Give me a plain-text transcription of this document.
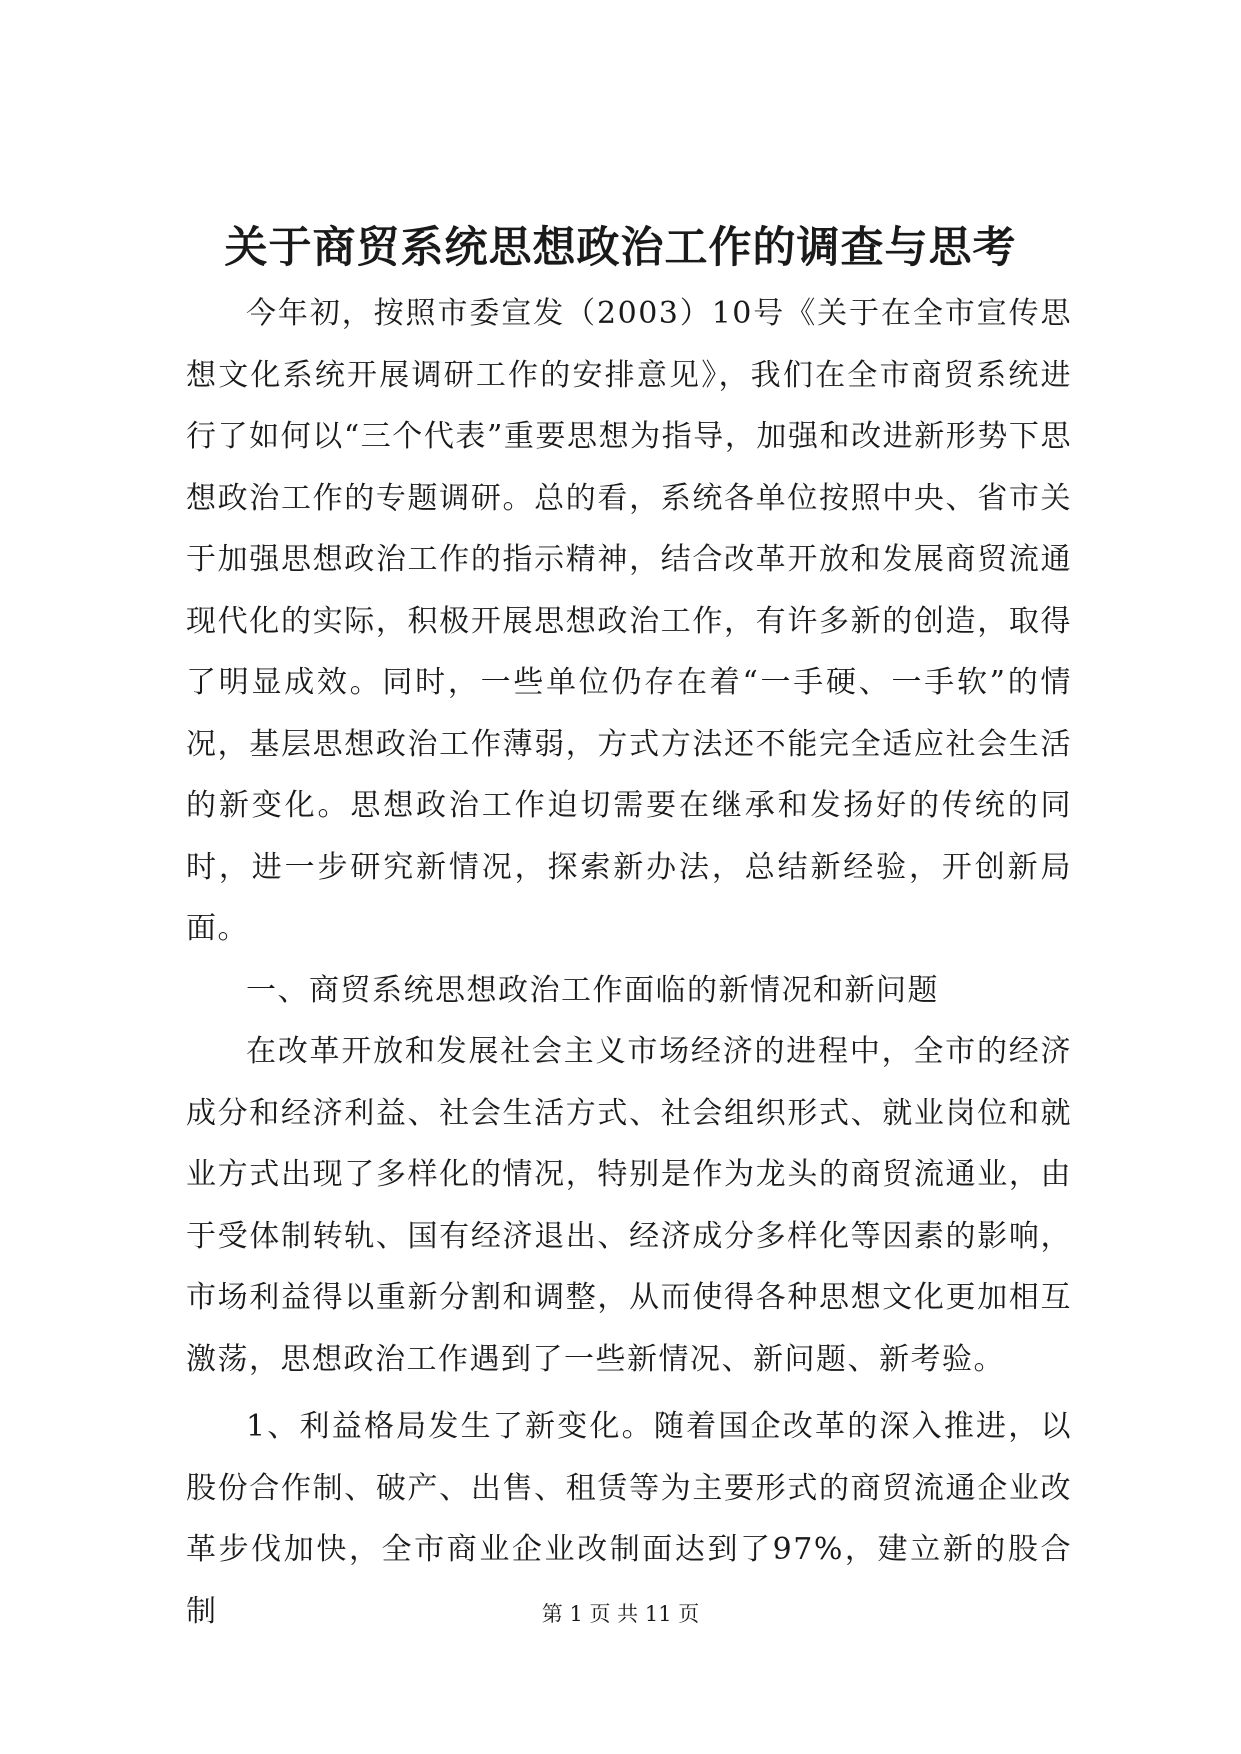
关于商贸系统思想政治工作的调查与思考

今年初，按照市委宣发（2003）10号《关于在全市宣传思想文化系统开展调研工作的安排意见》，我们在全市商贸系统进行了如何以“三个代表”重要思想为指导，加强和改进新形势下思想政治工作的专题调研。总的看，系统各单位按照中央、省市关于加强思想政治工作的指示精神，结合改革开放和发展商贸流通现代化的实际，积极开展思想政治工作，有许多新的创造，取得了明显成效。同时，一些单位仍存在着“一手硬、一手软”的情况，基层思想政治工作薄弱，方式方法还不能完全适应社会生活的新变化。思想政治工作迫切需要在继承和发扬好的传统的同时，进一步研究新情况，探索新办法，总结新经验，开创新局面。

一、商贸系统思想政治工作面临的新情况和新问题

在改革开放和发展社会主义市场经济的进程中，全市的经济成分和经济利益、社会生活方式、社会组织形式、就业岗位和就业方式出现了多样化的情况，特别是作为龙头的商贸流通业，由于受体制转轨、国有经济退出、经济成分多样化等因素的影响，市场利益得以重新分割和调整，从而使得各种思想文化更加相互激荡，思想政治工作遇到了一些新情况、新问题、新考验。

1、利益格局发生了新变化。随着国企改革的深入推进，以股份合作制、破产、出售、租赁等为主要形式的商贸流通企业改革步伐加快，全市商业企业改制面达到了97%，建立新的股合制	第 1 页 共 11 页
